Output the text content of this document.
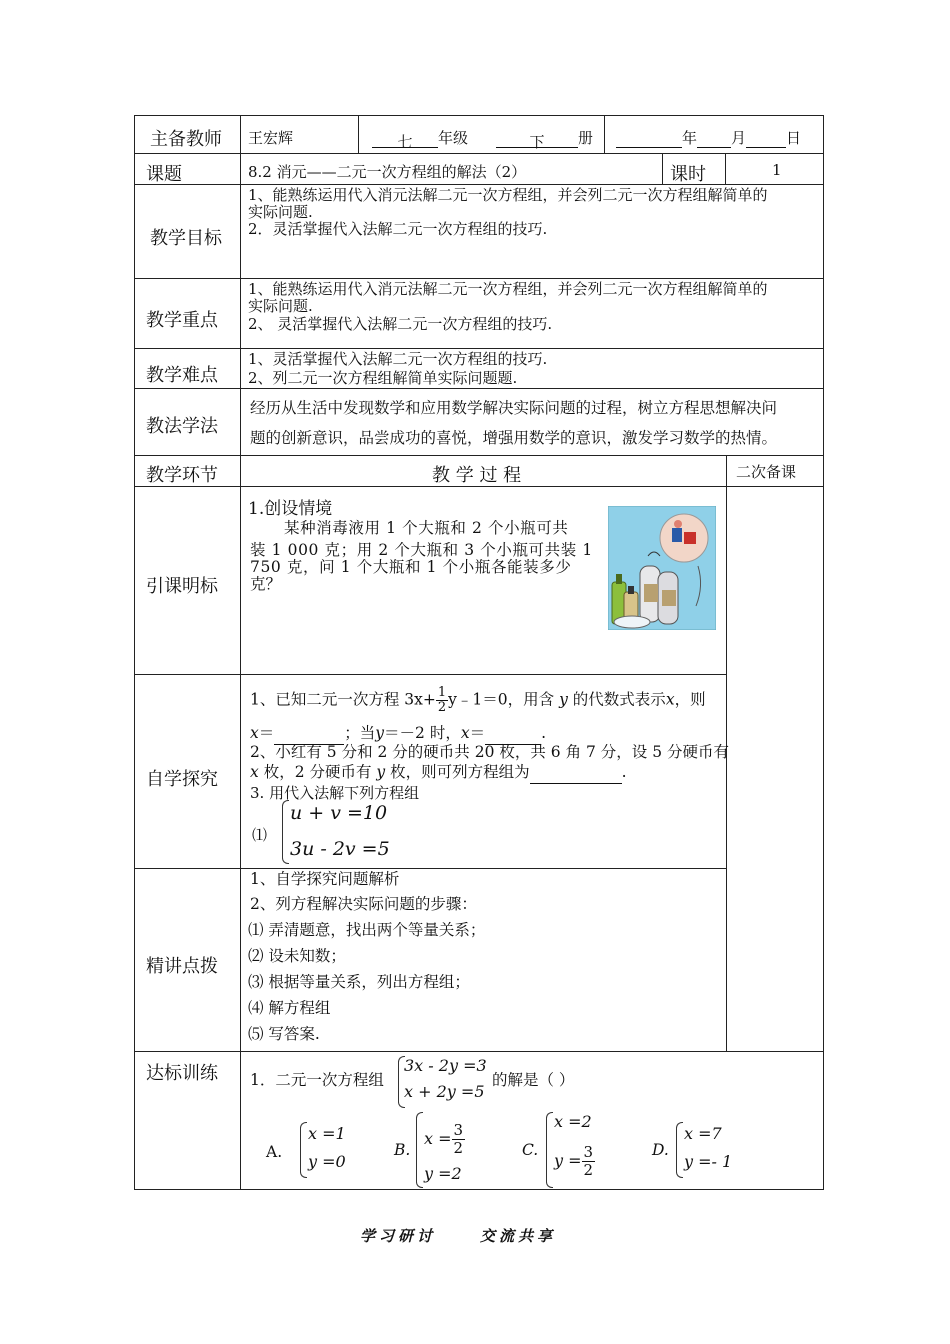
主备教师 王宏辉	七 年级	下 册	年 月	日
课题	8.2 消元——二元一次方程组的解法（2）	课时	1
教学目标
1、能熟练运用代入消元法解二元一次方程组，并会列二元一次方程组解简单的
实际问题.
2．灵活掌握代入法解二元一次方程组的技巧.
教学重点
1、能熟练运用代入消元法解二元一次方程组，并会列二元一次方程组解简单的
实际问题.
2、 灵活掌握代入法解二元一次方程组的技巧.
教学难点
1、灵活掌握代入法解二元一次方程组的技巧.
2、列二元一次方程组解简单实际问题题.
教法学法
经历从生活中发现数学和应用数学解决实际问题的过程，树立方程思想解决问
题的创新意识，品尝成功的喜悦，增强用数学的意识，激发学习数学的热情。
教学环节	教 学 过 程	二次备课
引课明标
1.创设情境
某种消毒液用 1 个大瓶和 2 个小瓶可共
装 1 000 克；用 2 个大瓶和 3 个小瓶可共装 1
750 克，问 1 个大瓶和 1 个小瓶各能装多少
克？
自学探究
1、已知二元一次方程 $3x+ \frac{1}{2}$ y﹣1＝0，用含 y 的代数式表示x，则
x＝	；当y＝－2 时，x＝	.
2、小红有 5 分和 2 分的硬币共 20 枚，共 6 角 7 分，设 5 分硬币有
x 枚，2 分硬币有 y 枚，则可列方程组为	.
3. 用代入法解下列方程组
⑴
u + v =10
3u - 2v =5
精讲点拨
1、自学探究问题解析
2、列方程解决实际问题的步骤：
⑴ 弄清题意，找出两个等量关系；
⑵ 设未知数；
⑶ 根据等量关系，列出方程组；
⑷ 解方程组
⑸ 写答案.
达标训练 1．二元一次方程组
3x - 2y =3
x + 2y =5
的解是（ ）
A.
x =1
y =0
B.
$x = \frac{3}{2}$
y =2
C.
x =2
$y = \frac{3}{2}$	D.
x =7
y =- 1
学习研讨	交流共享
